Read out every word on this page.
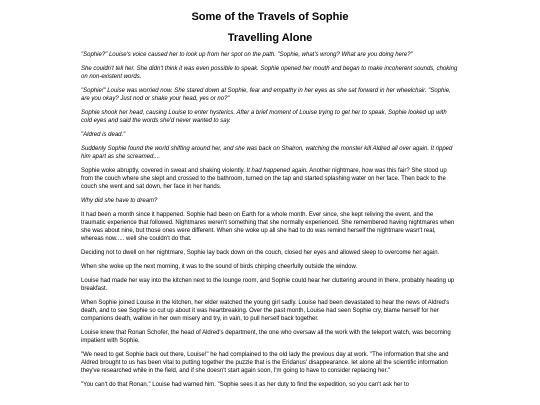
Some of the Travels of Sophie
Travelling Alone

"Sophie?" Louise's voice caused her to look up from her spot on the path. "Sophie, what's wrong? What are you doing here?"

She couldn't tell her. She didn't think it was even possible to speak. Sophie opened her mouth and began to make incoherent sounds, choking on non-existent words.

"Sophie!" Louise was worried now. She stared down at Sophie, fear and empathy in her eyes as she sat forward in her wheelchair. "Sophie, are you okay? Just nod or shake your head, yes or no?"

Sophie shook her head, causing Louise to enter hysterics. After a brief moment of Louise trying to get her to speak, Sophie looked up with cold eyes and said the words she'd never wanted to say.

"Aldred is dead."

Suddenly Sophie found the world shifting around her, and she was back on Shalron, watching the monster kill Aldred all over again. It ripped him apart as she screamed....

Sophie woke abruptly, covered in sweat and shaking violently. It had happened again. Another nightmare, how was this fair? She stood up from the couch where she slept and crossed to the bathroom, turned on the tap and started splashing water on her face. Then back to the couch she went and sat down, her face in her hands.

Why did she have to dream?

It had been a month since it happened. Sophie had been on Earth for a whole month. Ever since, she kept reliving the event, and the traumatic experience that followed. Nightmares weren't something that she normally experienced. She remembered having nightmares when she was about nine, but those ones were different. When she woke up all she had to do was remind herself the nightmare wasn't real, whereas now..... well she couldn't do that.

Deciding not to dwell on her nightmare, Sophie lay back down on the couch, closed her eyes and allowed sleep to overcome her again.

When she woke up the next morning, it was to the sound of birds chirping cheerfully outside the window.

Louise had made her way into the kitchen next to the lounge room, and Sophie could hear her cluttering around in there, probably heating up breakfast.

When Sophie joined Louise in the kitchen, her elder watched the young girl sadly. Louise had been devastated to hear the news of Aldred's death, and to see Sophie so cut up about it was heartbreaking. Over the past month, Louise had seen Sophie cry, blame herself for her companions death, wallow in her own misery and try, in vain, to pull herself back together.

Louise knew that Ronan Schofer, the head of Aldred's department, the one who oversaw all the work with the teleport watch, was becoming impatient with Sophie.

"We need to get Sophie back out there, Louise!" he had complained to the old lady the previous day at work. "The information that she and Aldred brought to us has been vital to putting together the puzzle that is the Eridanus' disappearance. let alone all the scientific information they've researched while in the field, and if she doesn't start again soon, I'm going to have to consider replacing her."

"You can't do that Ronan." Louise had warned him. "Sophie sees it as her duty to find the expedition, so you can't ask her to
